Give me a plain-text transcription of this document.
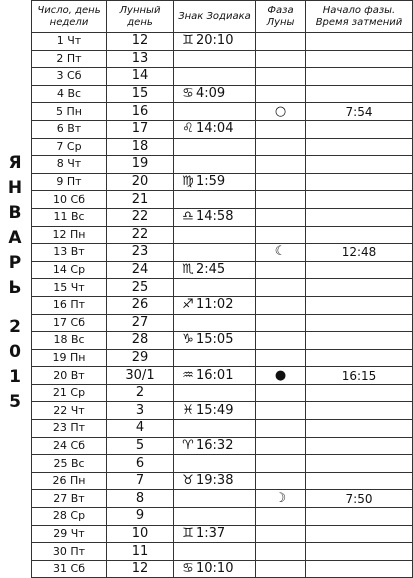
Я
Н
В
А
Р
Ь
2
0
1
5
Число, день недели	Лунный день	Знак Зодиака	Фаза Луны	Начало фазы. Время затмений
1 Чт	12	♊ 20:10		
2 Пт	13			
3 Сб	14			
4 Вс	15	♋ 4:09		
5 Пн	16		○	7:54
6 Вт	17	♌ 14:04		
7 Ср	18			
8 Чт	19			
9 Пт	20	♍ 1:59		
10 Сб	21			
11 Вс	22	♎ 14:58		
12 Пн	22			
13 Вт	23		☾	12:48
14 Ср	24	♏ 2:45		
15 Чт	25			
16 Пт	26	♐ 11:02		
17 Сб	27			
18 Вс	28	♑ 15:05		
19 Пн	29			
20 Вт	30/1	♒ 16:01	●	16:15
21 Ср	2			
22 Чт	3	♓ 15:49		
23 Пт	4			
24 Сб	5	♈ 16:32		
25 Вс	6			
26 Пн	7	♉ 19:38		
27 Вт	8		☽	7:50
28 Ср	9			
29 Чт	10	♊ 1:37		
30 Пт	11			
31 Сб	12	♋ 10:10		
